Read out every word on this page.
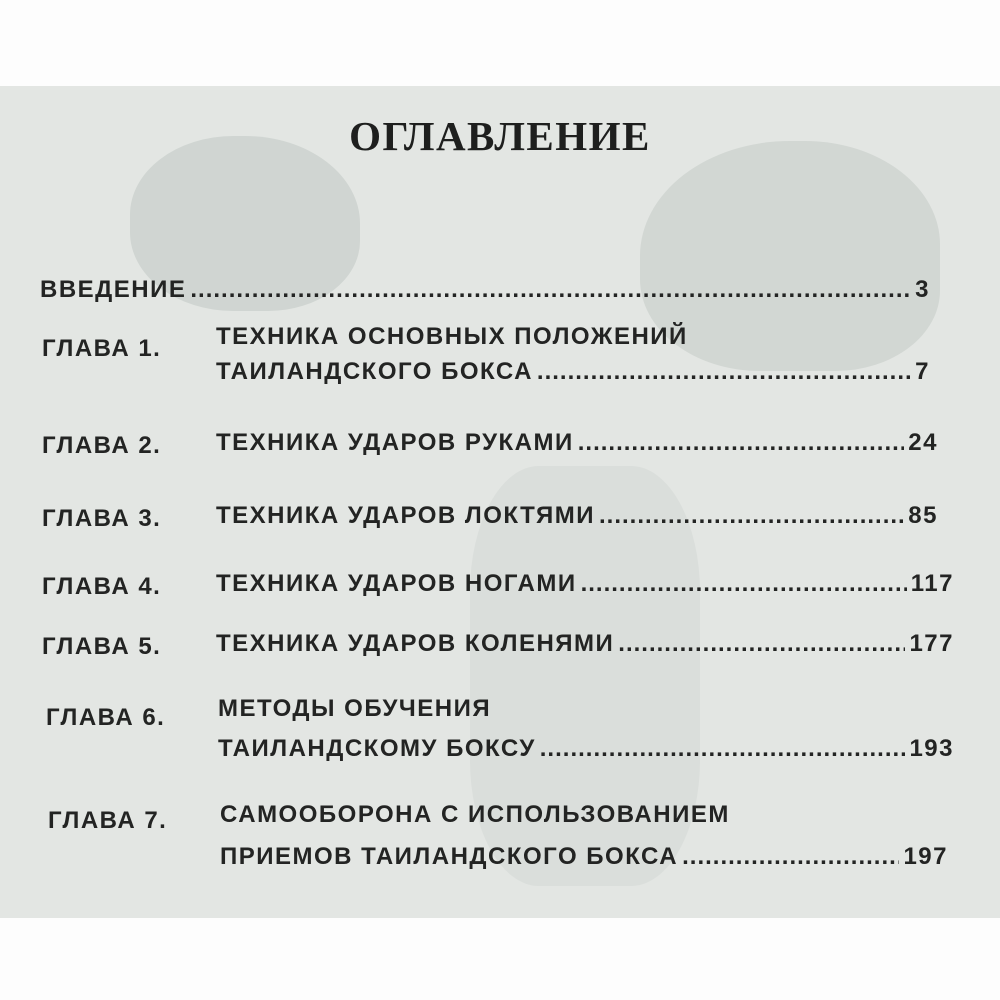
ОГЛАВЛЕНИЕ
ВВЕДЕНИЕ .....	3
ГЛАВА 1. ТЕХНИКА ОСНОВНЫХ ПОЛОЖЕНИЙ
ТАИЛАНДСКОГО БОКСА .....	7
ГЛАВА 2. ТЕХНИКА УДАРОВ РУКАМИ .....	24
ГЛАВА 3. ТЕХНИКА УДАРОВ ЛОКТЯМИ .....	85
ГЛАВА 4. ТЕХНИКА УДАРОВ НОГАМИ .....	117
ГЛАВА 5. ТЕХНИКА УДАРОВ КОЛЕНЯМИ .....	177
ГЛАВА 6. МЕТОДЫ ОБУЧЕНИЯ
ТАИЛАНДСКОМУ БОКСУ .....	193
ГЛАВА 7. САМООБОРОНА С ИСПОЛЬЗОВАНИЕМ
ПРИЕМОВ ТАИЛАНДСКОГО БОКСА .....	197
